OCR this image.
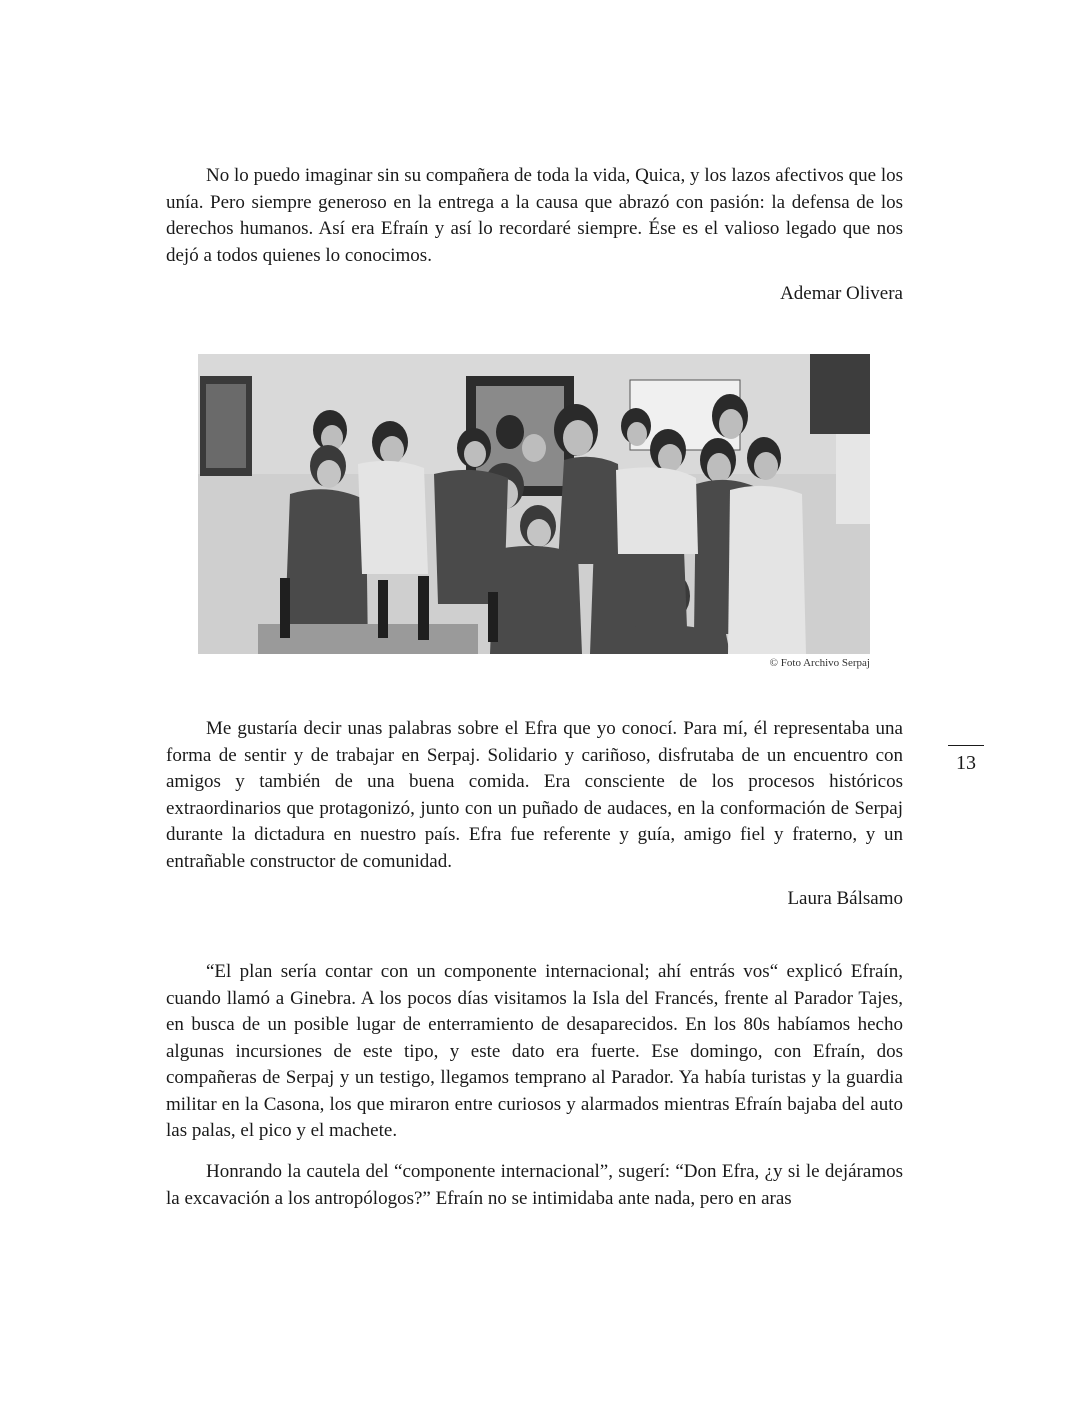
No lo puedo imaginar sin su compañera de toda la vida, Quica, y los lazos afectivos que los unía. Pero siempre generoso en la entrega a la causa que abrazó con pasión: la defensa de los derechos humanos. Así era Efraín y así lo recordaré siempre. Ése es el valioso legado que nos dejó a todos quienes lo conocimos.

Ademar Olivera

© Foto Archivo Serpaj

Me gustaría decir unas palabras sobre el Efra que yo conocí. Para mí, él representaba una forma de sentir y de trabajar en Serpaj. Solidario y cariñoso, disfrutaba de un encuentro con amigos y también de una buena comida. Era consciente de los procesos históricos extraordinarios que protagonizó, junto con un puñado de audaces, en la conformación de Serpaj durante la dictadura en nuestro país. Efra fue referente y guía, amigo fiel y fraterno, y un entrañable constructor de comunidad.

Laura Bálsamo

13

“El plan sería contar con un componente internacional; ahí entrás vos“ explicó Efraín, cuando llamó a Ginebra. A los pocos días visitamos la Isla del Francés, frente al Parador Tajes, en busca de un posible lugar de enterramiento de desaparecidos. En los 80s habíamos hecho algunas incursiones de este tipo, y este dato era fuerte. Ese domingo, con Efraín, dos compañeras de Serpaj y un testigo, llegamos temprano al Parador. Ya había turistas y la guardia militar en la Casona, los que miraron entre curiosos y alarmados mientras Efraín bajaba del auto las palas, el pico y el machete.

Honrando la cautela del “componente internacional”, sugerí: “Don Efra, ¿y si le dejáramos la excavación a los antropólogos?” Efraín no se intimidaba ante nada, pero en aras
